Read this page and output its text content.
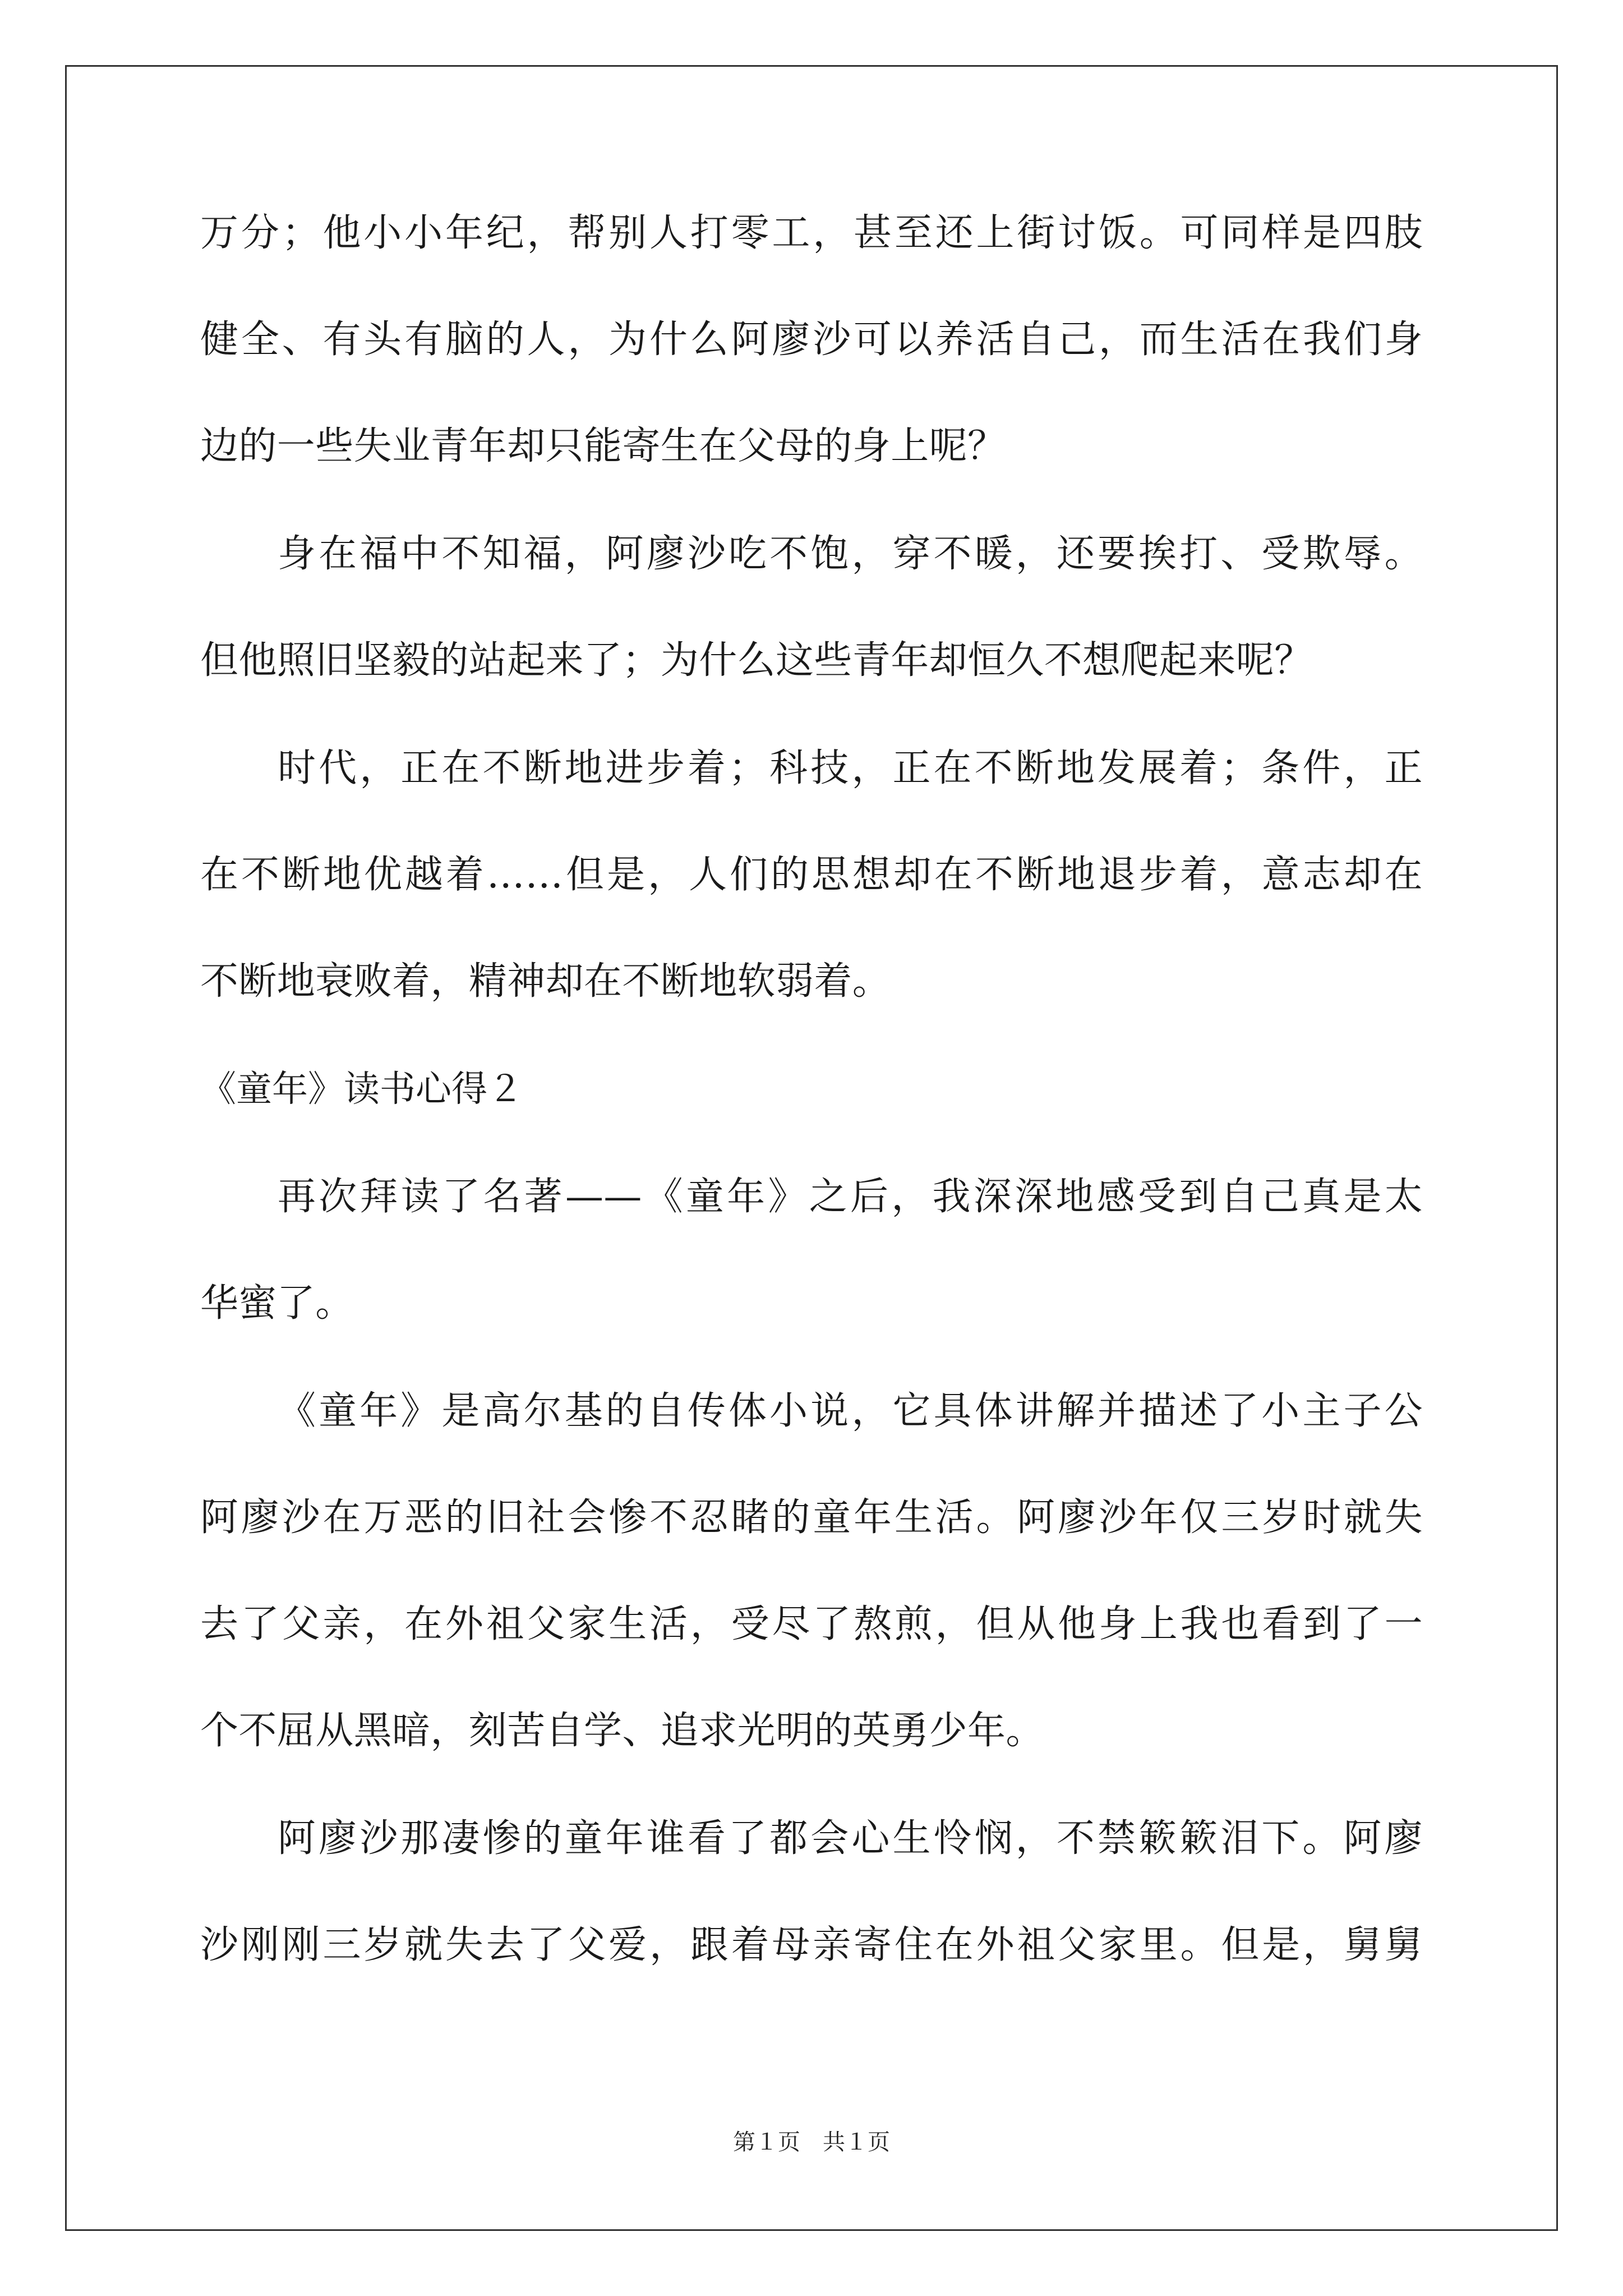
万分；他小小年纪，帮别人打零工，甚至还上街讨饭。可同样是四肢
健全、有头有脑的人，为什么阿廖沙可以养活自己，而生活在我们身
边的一些失业青年却只能寄生在父母的身上呢？
身在福中不知福，阿廖沙吃不饱，穿不暖，还要挨打、受欺辱。
但他照旧坚毅的站起来了；为什么这些青年却恒久不想爬起来呢？
时代，正在不断地进步着；科技，正在不断地发展着；条件，正
在不断地优越着……但是，人们的思想却在不断地退步着，意志却在
不断地衰败着，精神却在不断地软弱着。
《童年》读书心得２
再次拜读了名著——《童年》之后，我深深地感受到自己真是太
华蜜了。
《童年》是高尔基的自传体小说，它具体讲解并描述了小主子公
阿廖沙在万恶的旧社会惨不忍睹的童年生活。阿廖沙年仅三岁时就失
去了父亲，在外祖父家生活，受尽了熬煎，但从他身上我也看到了一
个不屈从黑暗，刻苦自学、追求光明的英勇少年。
阿廖沙那凄惨的童年谁看了都会心生怜悯，不禁簌簌泪下。阿廖
沙刚刚三岁就失去了父爱，跟着母亲寄住在外祖父家里。但是，舅舅
第１页　共１页
